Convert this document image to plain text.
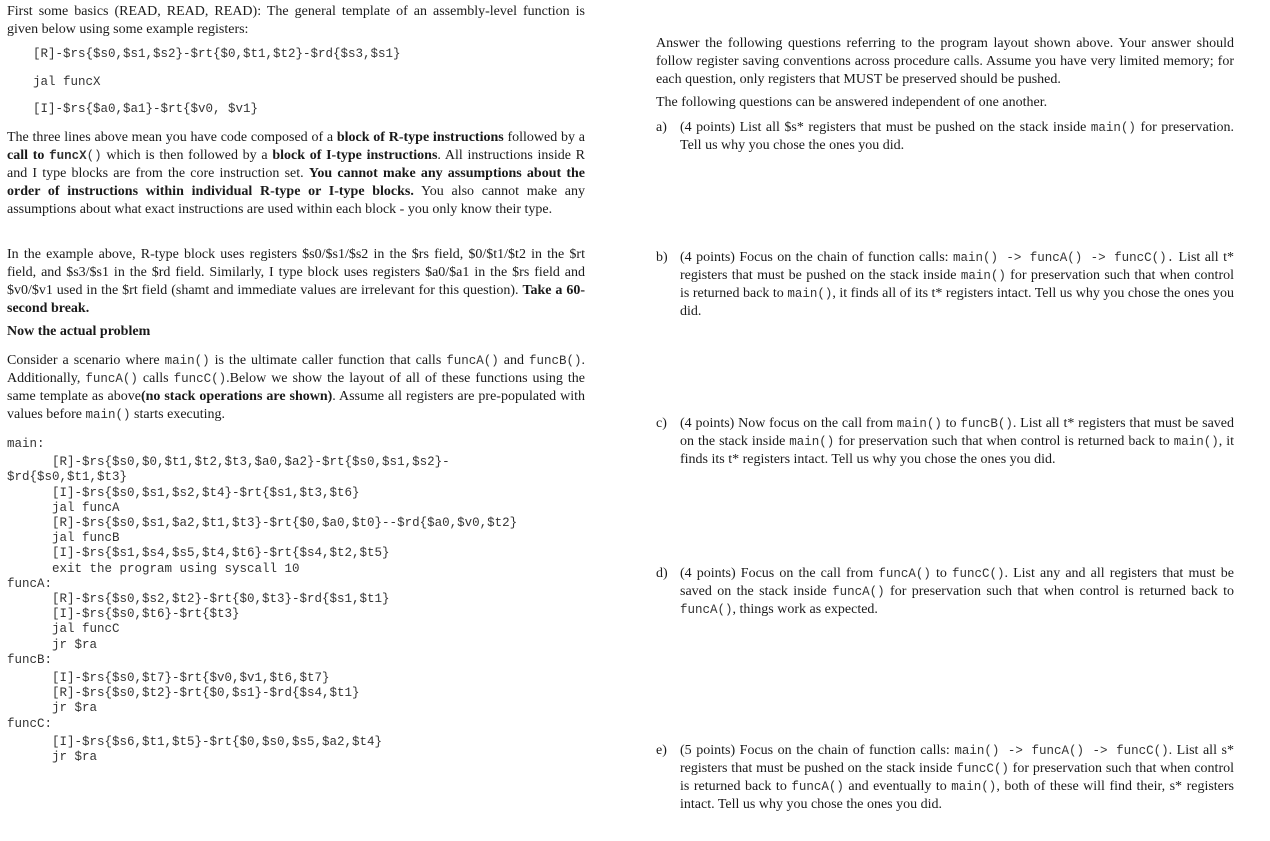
First some basics (READ, READ, READ): The general template of an assembly-level function is given below using some example registers:

[R]-$rs{$s0,$s1,$s2}-$rt{$0,$t1,$t2}-$rd{$s3,$s1}
jal funcX
[I]-$rs{$a0,$a1}-$rt{$v0, $v1}

The three lines above mean you have code composed of a block of R-type instructions followed by a call to funcX() which is then followed by a block of I-type instructions. All instructions inside R and I type blocks are from the core instruction set. You cannot make any assumptions about the order of instructions within individual R-type or I-type blocks. You also cannot make any assumptions about what exact instructions are used within each block - you only know their type.

In the example above, R-type block uses registers $s0/$s1/$s2 in the $rs field, $0/$t1/$t2 in the $rt field, and $s3/$s1 in the $rd field. Similarly, I type block uses registers $a0/$a1 in the $rs field and $v0/$v1 used in the $rt field (shamt and immediate values are irrelevant for this question). Take a 60-second break.

Now the actual problem

Consider a scenario where main() is the ultimate caller function that calls funcA() and funcB(). Additionally, funcA() calls funcC().Below we show the layout of all of these functions using the same template as above(no stack operations are shown). Assume all registers are pre-populated with values before main() starts executing.

main:
[R]-$rs{$s0,$0,$t1,$t2,$t3,$a0,$a2}-$rt{$s0,$s1,$s2}-
$rd{$s0,$t1,$t3}
[I]-$rs{$s0,$s1,$s2,$t4}-$rt{$s1,$t3,$t6}
jal funcA
[R]-$rs{$s0,$s1,$a2,$t1,$t3}-$rt{$0,$a0,$t0}--$rd{$a0,$v0,$t2}
jal funcB
[I]-$rs{$s1,$s4,$s5,$t4,$t6}-$rt{$s4,$t2,$t5}
exit the program using syscall 10
funcA:
[R]-$rs{$s0,$s2,$t2}-$rt{$0,$t3}-$rd{$s1,$t1}
[I]-$rs{$s0,$t6}-$rt{$t3}
jal funcC
jr $ra
funcB:
[I]-$rs{$s0,$t7}-$rt{$v0,$v1,$t6,$t7}
[R]-$rs{$s0,$t2}-$rt{$0,$s1}-$rd{$s4,$t1}
jr $ra
funcC:
[I]-$rs{$s6,$t1,$t5}-$rt{$0,$s0,$s5,$a2,$t4}
jr $ra

Answer the following questions referring to the program layout shown above. Your answer should follow register saving conventions across procedure calls. Assume you have very limited memory; for each question, only registers that MUST be preserved should be pushed.

The following questions can be answered independent of one another.

a) (4 points) List all $s* registers that must be pushed on the stack inside main() for preservation. Tell us why you chose the ones you did.

b) (4 points) Focus on the chain of function calls: main() -> funcA() -> funcC(). List all t* registers that must be pushed on the stack inside main() for preservation such that when control is returned back to main(), it finds all of its t* registers intact. Tell us why you chose the ones you did.

c) (4 points) Now focus on the call from main() to funcB(). List all t* registers that must be saved on the stack inside main() for preservation such that when control is returned back to main(), it finds its t* registers intact. Tell us why you chose the ones you did.

d) (4 points) Focus on the call from funcA() to funcC(). List any and all registers that must be saved on the stack inside funcA() for preservation such that when control is returned back to funcA(), things work as expected.

e) (5 points) Focus on the chain of function calls: main() -> funcA() -> funcC(). List all s* registers that must be pushed on the stack inside funcC() for preservation such that when control is returned back to funcA() and eventually to main(), both of these will find their, s* registers intact. Tell us why you chose the ones you did.
